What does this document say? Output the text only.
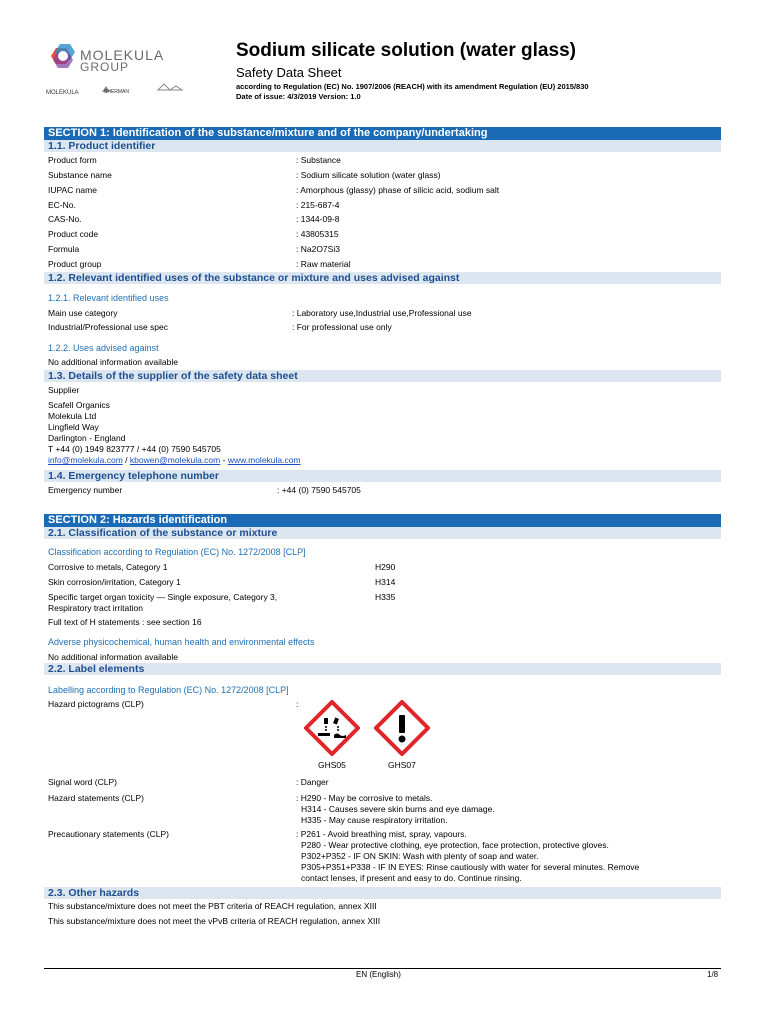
MOLEKULA
GROUP
MOLEKULA	SHERMAN
Sodium silicate solution (water glass)
Safety Data Sheet
according to Regulation (EC) No. 1907/2006 (REACH) with its amendment Regulation (EU) 2015/830
Date of issue: 4/3/2019 Version: 1.0
SECTION 1: Identification of the substance/mixture and of the company/undertaking
1.1. Product identifier
Product form	: Substance
Substance name	: Sodium silicate solution (water glass)
IUPAC name	: Amorphous (glassy) phase of silicic acid, sodium salt
EC-No.	: 215-687-4
CAS-No.	: 1344-09-8
Product code	: 43805315
Formula	: Na2O7Si3
Product group	: Raw material
1.2. Relevant identified uses of the substance or mixture and uses advised against
1.2.1. Relevant identified uses
Main use category	: Laboratory use,Industrial use,Professional use
Industrial/Professional use spec	: For professional use only
1.2.2. Uses advised against
No additional information available
1.3. Details of the supplier of the safety data sheet
Supplier
Scafell Organics
Molekula Ltd
Lingfield Way
Darlington - England
T +44 (0) 1949 823777 / +44 (0) 7590 545705
info@molekula.com / kbowen@molekula.com - www.molekula.com
1.4. Emergency telephone number
Emergency number	: +44 (0) 7590 545705
SECTION 2: Hazards identification
2.1. Classification of the substance or mixture
Classification according to Regulation (EC) No. 1272/2008 [CLP]
Corrosive to metals, Category 1	H290
Skin corrosion/irritation, Category 1	H314
Specific target organ toxicity — Single exposure, Category 3,
Respiratory tract irritation
H335
Full text of H statements : see section 16
Adverse physicochemical, human health and environmental effects
No additional information available
2.2. Label elements
Labelling according to Regulation (EC) No. 1272/2008 [CLP]
Hazard pictograms (CLP)	:
GHS05	GHS07
Signal word (CLP)	: Danger
Hazard statements (CLP)	: H290 - May be corrosive to metals.
H314 - Causes severe skin burns and eye damage.
H335 - May cause respiratory irritation.
Precautionary statements (CLP)	: P261 - Avoid breathing mist, spray, vapours.
P280 - Wear protective clothing, eye protection, face protection, protective gloves.
P302+P352 - IF ON SKIN: Wash with plenty of soap and water.
P305+P351+P338 - IF IN EYES: Rinse cautiously with water for several minutes. Remove
contact lenses, if present and easy to do. Continue rinsing.
2.3. Other hazards
This substance/mixture does not meet the PBT criteria of REACH regulation, annex XIII
This substance/mixture does not meet the vPvB criteria of REACH regulation, annex XIII
EN (English)	1/8
